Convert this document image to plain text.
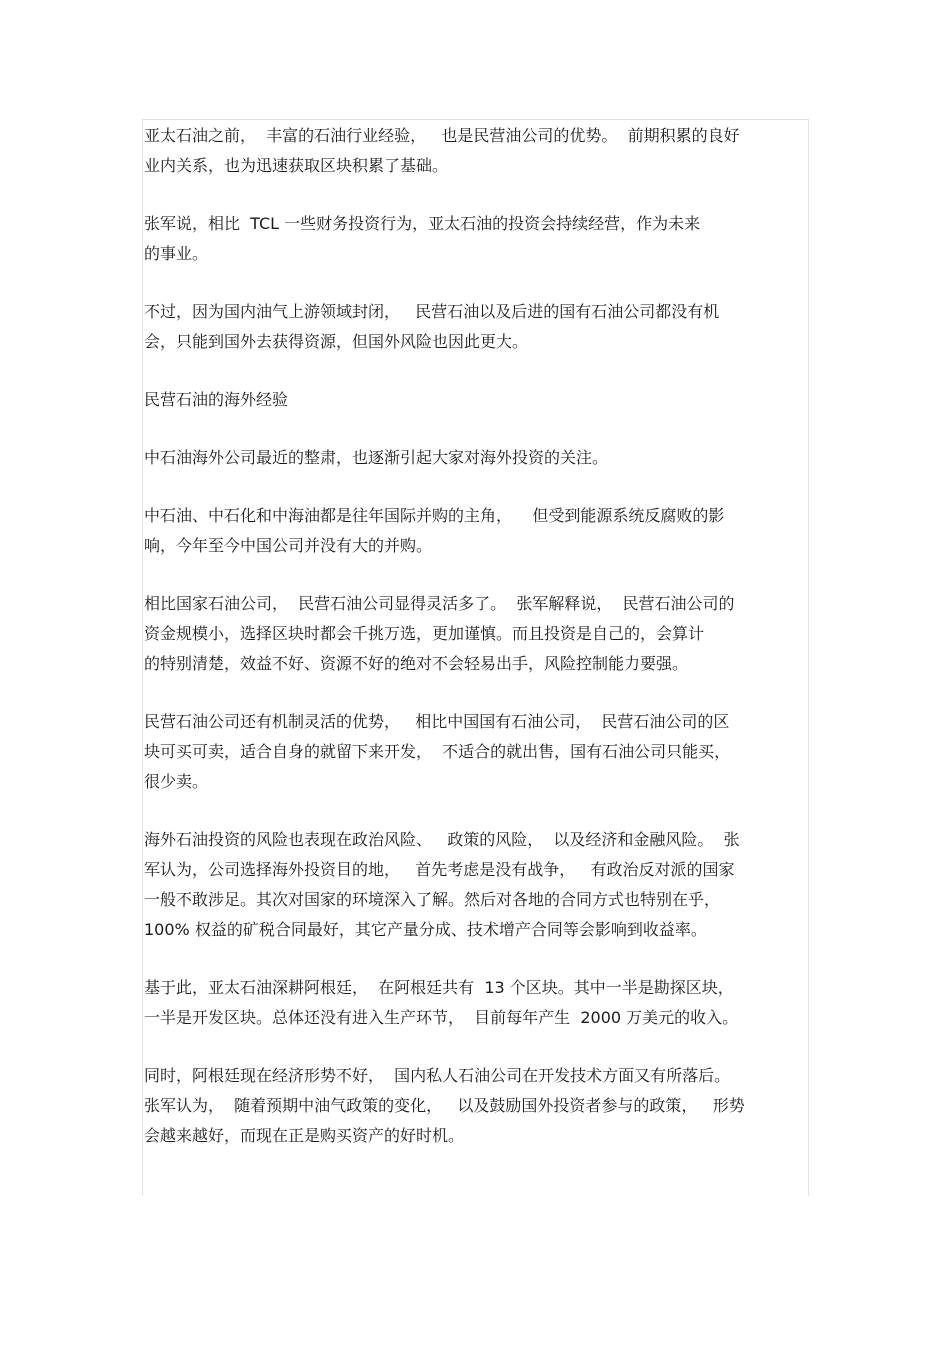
亚太石油之前，  丰富的石油行业经验，   也是民营油公司的优势。  前期积累的良好
业内关系，也为迅速获取区块积累了基础。

张军说，相比  TCL 一些财务投资行为，亚太石油的投资会持续经营，作为未来
的事业。

不过，因为国内油气上游领域封闭，   民营石油以及后进的国有石油公司都没有机
会，只能到国外去获得资源，但国外风险也因此更大。

民营石油的海外经验

中石油海外公司最近的整肃，也逐渐引起大家对海外投资的关注。

中石油、中石化和中海油都是往年国际并购的主角，    但受到能源系统反腐败的影
响，今年至今中国公司并没有大的并购。

相比国家石油公司，  民营石油公司显得灵活多了。  张军解释说，  民营石油公司的
资金规模小，选择区块时都会千挑万选，更加谨慎。而且投资是自己的，会算计
的特别清楚，效益不好、资源不好的绝对不会轻易出手，风险控制能力要强。

民营石油公司还有机制灵活的优势，   相比中国国有石油公司，  民营石油公司的区
块可买可卖，适合自身的就留下来开发，  不适合的就出售，国有石油公司只能买，
很少卖。

海外石油投资的风险也表现在政治风险、   政策的风险，  以及经济和金融风险。  张
军认为，公司选择海外投资目的地，   首先考虑是没有战争，   有政治反对派的国家
一般不敢涉足。其次对国家的环境深入了解。然后对各地的合同方式也特别在乎，
100% 权益的矿税合同最好，其它产量分成、技术增产合同等会影响到收益率。

基于此，亚太石油深耕阿根廷，  在阿根廷共有  13 个区块。其中一半是勘探区块，
一半是开发区块。总体还没有进入生产环节，  目前每年产生  2000 万美元的收入。

同时，阿根廷现在经济形势不好，  国内私人石油公司在开发技术方面又有所落后。
张军认为，  随着预期中油气政策的变化，   以及鼓励国外投资者参与的政策，   形势
会越来越好，而现在正是购买资产的好时机。
